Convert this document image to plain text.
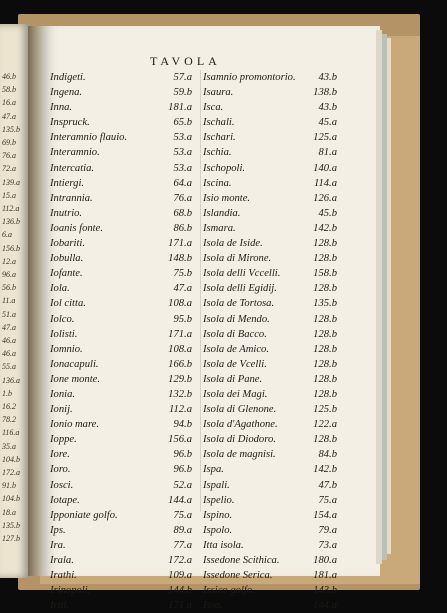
46.b
58.b
16.a
47.a
135.b
69.b
76.a
72.a
139.a
15.a
112.a
136.b
6.a
156.b
12.a
96.a
56.b
11.a
51.a
47.a
46.a
46.a
55.a
136.a
1.b
16.2
78.2
116.a
35.a
104.b
172.a
91.b
104.b
18.a
135.b
127.b
TAVOLA
Indigeti.	57.a
Ingena.	59.b
Inna.	181.a
Inspruck.	65.b
Interamnio flauio.	53.a
Interamnio.	53.a
Intercatia.	53.a
Intiergi.	64.a
Intrannia.	76.a
Inutrio.	68.b
Ioanis fonte.	86.b
Iobariti.	171.a
Iobulla.	148.b
Iofante.	75.b
Iola.	47.a
Iol citta.	108.a
Iolco.	95.b
Iolisti.	171.a
Iomnio.	108.a
Ionacapuli.	166.b
Ione monte.	129.b
Ionia.	132.b
Ionij.	112.a
Ionio mare.	94.b
Ioppe.	156.a
Iore.	96.b
Ioro.	96.b
Iosci.	52.a
Iotape.	144.a
Ipponiate golfo.	75.a
Ips.	89.a
Ira.	77.a
Irala.	172.a
Irathi.	109.a
Irinopoli.	144.b
Iriti.	171.a
Isamnio promontorio. 43.b
Isaura.	138.b
Isca.	43.b
Ischali.	45.a
Ischari.	125.a
Ischia.	81.a
Ischopoli.	140.a
Iscina.	114.a
Isio monte.	126.a
Islandia.	45.b
Ismara.	142.b
Isola de Iside.	128.b
Isola di Mirone.	128.b
Isola delli Vccelli.	158.b
Isola delli Egidij.	128.b
Isola de Tortosa.	135.b
Isola di Mendo.	128.b
Isola di Bacco.	128.b
Isola de Amico.	128.b
Isola de Vcelli.	128.b
Isola di Pane.	128.b
Isola dei Magi.	128.b
Isola di Glenone.	125.b
Isola d'Agathone.	122.a
Isola di Diodoro.	128.b
Isola de magnisi.	84.b
Ispa.	142.b
Ispali.	47.b
Ispelio.	75.a
Ispino.	154.a
Ispolo.	79.a
Itta isola.	73.a
Issedone Scithica.	180.a
Issedone Serica.	181.a
Issico golfo.	143.b
Isso.	144.a
